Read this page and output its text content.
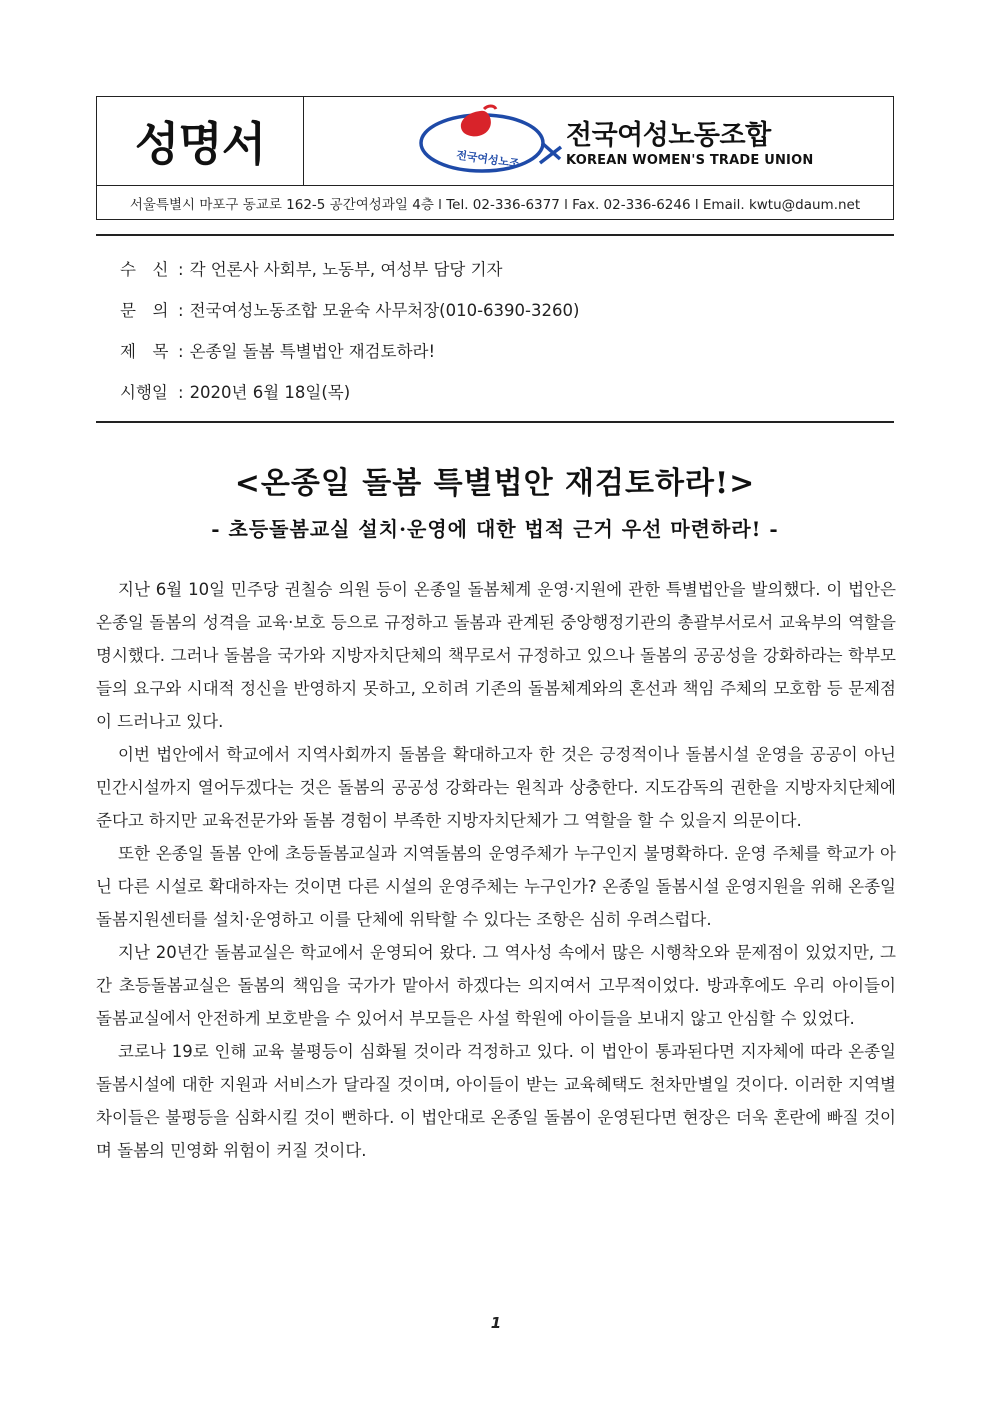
성명서	전국여성노조
전국여성노동조합
KOREAN WOMEN'S TRADE UNION
서울특별시 마포구 동교로 162-5 공간여성과일 4층 l Tel. 02-336-6377 l Fax. 02-336-6246 l Email. kwtu@daum.net
수　신 : 각 언론사 사회부, 노동부, 여성부 담당 기자
문　의 : 전국여성노동조합 모윤숙 사무처장(010-6390-3260)
제　목 : 온종일 돌봄 특별법안 재검토하라!
시행일 : 2020년 6월 18일(목)
<온종일 돌봄 특별법안 재검토하라!>
- 초등돌봄교실 설치·운영에 대한 법적 근거 우선 마련하라! -

지난 6월 10일 민주당 권칠승 의원 등이 온종일 돌봄체계 운영·지원에 관한 특별법안을 발의했다. 이 법안은 온종일 돌봄의 성격을 교육·보호 등으로 규정하고 돌봄과 관계된 중앙행정기관의 총괄부서로서 교육부의 역할을 명시했다. 그러나 돌봄을 국가와 지방자치단체의 책무로서 규정하고 있으나 돌봄의 공공성을 강화하라는 학부모들의 요구와 시대적 정신을 반영하지 못하고, 오히려 기존의 돌봄체계와의 혼선과 책임 주체의 모호함 등 문제점이 드러나고 있다.

이번 법안에서 학교에서 지역사회까지 돌봄을 확대하고자 한 것은 긍정적이나 돌봄시설 운영을 공공이 아닌 민간시설까지 열어두겠다는 것은 돌봄의 공공성 강화라는 원칙과 상충한다. 지도감독의 권한을 지방자치단체에 준다고 하지만 교육전문가와 돌봄 경험이 부족한 지방자치단체가 그 역할을 할 수 있을지 의문이다.

또한 온종일 돌봄 안에 초등돌봄교실과 지역돌봄의 운영주체가 누구인지 불명확하다. 운영 주체를 학교가 아닌 다른 시설로 확대하자는 것이면 다른 시설의 운영주체는 누구인가? 온종일 돌봄시설 운영지원을 위해 온종일 돌봄지원센터를 설치·운영하고 이를 단체에 위탁할 수 있다는 조항은 심히 우려스럽다.

지난 20년간 돌봄교실은 학교에서 운영되어 왔다. 그 역사성 속에서 많은 시행착오와 문제점이 있었지만, 그간 초등돌봄교실은 돌봄의 책임을 국가가 맡아서 하겠다는 의지여서 고무적이었다. 방과후에도 우리 아이들이 돌봄교실에서 안전하게 보호받을 수 있어서 부모들은 사설 학원에 아이들을 보내지 않고 안심할 수 있었다.

코로나 19로 인해 교육 불평등이 심화될 것이라 걱정하고 있다. 이 법안이 통과된다면 지자체에 따라 온종일 돌봄시설에 대한 지원과 서비스가 달라질 것이며, 아이들이 받는 교육혜택도 천차만별일 것이다. 이러한 지역별 차이들은 불평등을 심화시킬 것이 뻔하다. 이 법안대로 온종일 돌봄이 운영된다면 현장은 더욱 혼란에 빠질 것이며 돌봄의 민영화 위험이 커질 것이다.

1
